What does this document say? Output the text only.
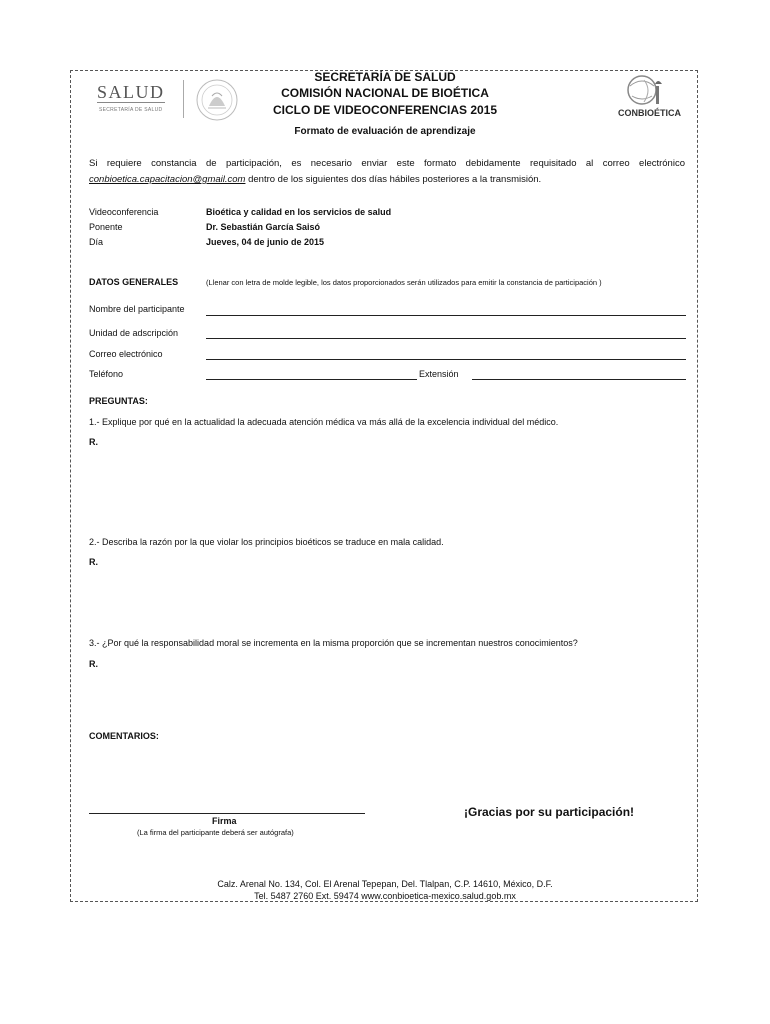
SALUD
SECRETARÍA DE SALUD
SECRETARÍA DE SALUD
COMISIÓN NACIONAL DE BIOÉTICA
CICLO DE VIDEOCONFERENCIAS 2015
Formato de evaluación de aprendizaje
CONBIOÉTICA
Si requiere constancia de participación, es necesario enviar este formato debidamente requisitado al correo electrónico conbioetica.capacitacion@gmail.com dentro de los siguientes dos días hábiles posteriores a la transmisión.
Videoconferencia	Bioética y calidad en los servicios de salud
Ponente	Dr. Sebastián García Saisó
Día	Jueves, 04 de junio de 2015
DATOS GENERALES	(Llenar con letra de molde legible, los datos proporcionados serán utilizados para emitir la constancia de participación )
Nombre del participante
Unidad de adscripción
Correo electrónico
Teléfono	Extensión
PREGUNTAS:
1.- Explique por qué en la actualidad la adecuada atención médica va más allá de la excelencia individual del médico.
R.
2.- Describa la razón por la que violar los principios bioéticos se traduce en mala calidad.
R.
3.- ¿Por qué la responsabilidad moral se incrementa en la misma proporción que se incrementan nuestros conocimientos?
R.
COMENTARIOS:
Firma
(La firma del participante deberá ser autógrafa)
¡Gracias por su participación!
Calz. Arenal No. 134, Col. El Arenal Tepepan, Del. Tlalpan, C.P. 14610, México, D.F.
Tel. 5487 2760 Ext. 59474 www.conbioetica-mexico.salud.gob.mx
